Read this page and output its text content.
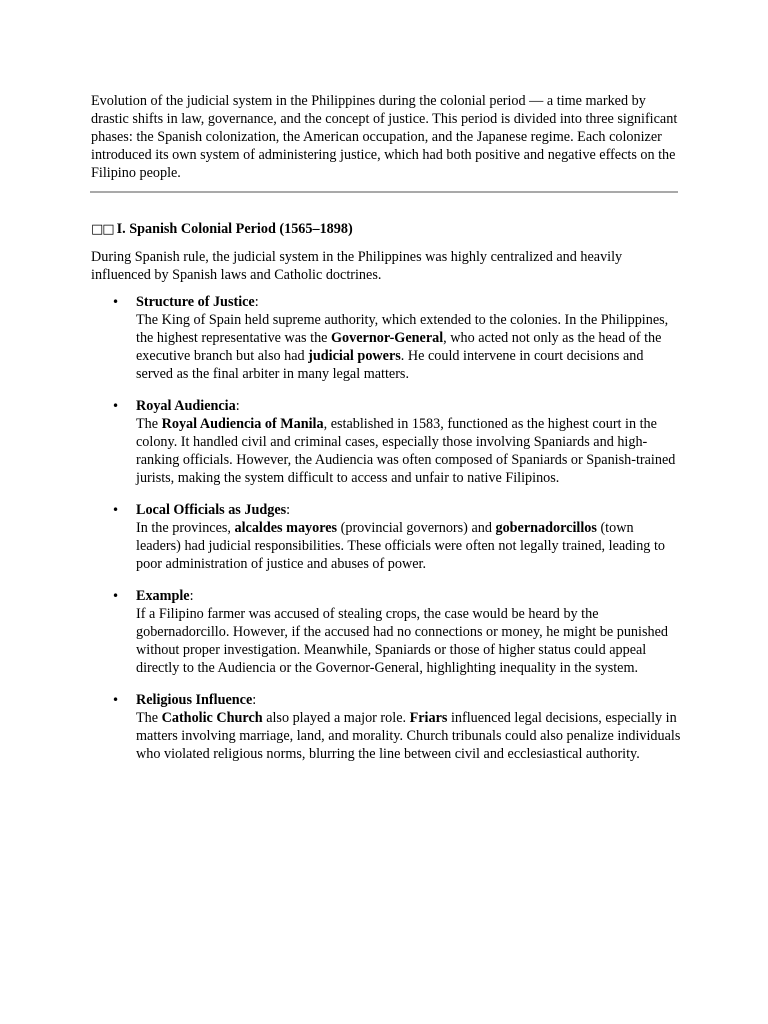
Evolution of the judicial system in the Philippines during the colonial period — a time marked by drastic shifts in law, governance, and the concept of justice. This period is divided into three significant phases: the Spanish colonization, the American occupation, and the Japanese regime. Each colonizer introduced its own system of administering justice, which had both positive and negative effects on the Filipino people.

□□ I. Spanish Colonial Period (1565–1898)

During Spanish rule, the judicial system in the Philippines was highly centralized and heavily influenced by Spanish laws and Catholic doctrines.

• Structure of Justice:
The King of Spain held supreme authority, which extended to the colonies. In the Philippines, the highest representative was the Governor-General, who acted not only as the head of the executive branch but also had judicial powers. He could intervene in court decisions and served as the final arbiter in many legal matters.
• Royal Audiencia:
The Royal Audiencia of Manila, established in 1583, functioned as the highest court in the colony. It handled civil and criminal cases, especially those involving Spaniards and high-ranking officials. However, the Audiencia was often composed of Spaniards or Spanish-trained jurists, making the system difficult to access and unfair to native Filipinos.
• Local Officials as Judges:
In the provinces, alcaldes mayores (provincial governors) and gobernadorcillos (town leaders) had judicial responsibilities. These officials were often not legally trained, leading to poor administration of justice and abuses of power.
• Example:
If a Filipino farmer was accused of stealing crops, the case would be heard by the gobernadorcillo. However, if the accused had no connections or money, he might be punished without proper investigation. Meanwhile, Spaniards or those of higher status could appeal directly to the Audiencia or the Governor-General, highlighting inequality in the system.
• Religious Influence:
The Catholic Church also played a major role. Friars influenced legal decisions, especially in matters involving marriage, land, and morality. Church tribunals could also penalize individuals who violated religious norms, blurring the line between civil and ecclesiastical authority.
